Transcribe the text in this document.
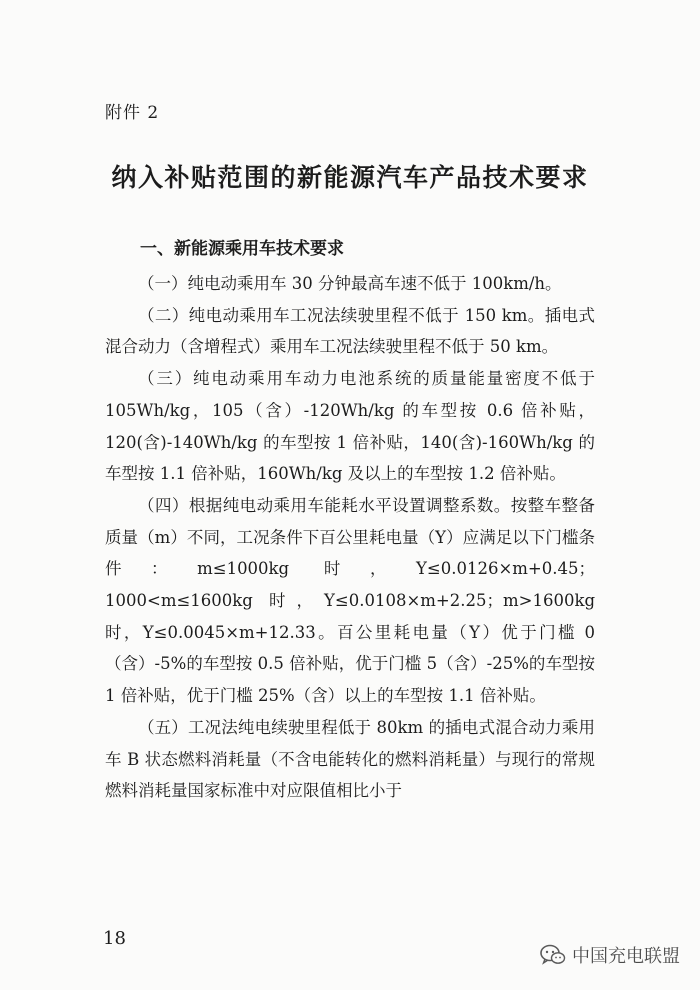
附件 2
纳入补贴范围的新能源汽车产品技术要求
一、新能源乘用车技术要求

（一）纯电动乘用车 30 分钟最高车速不低于 100km/h。

（二）纯电动乘用车工况法续驶里程不低于 150 km。插电式混合动力（含增程式）乘用车工况法续驶里程不低于 50 km。

（三）纯电动乘用车动力电池系统的质量能量密度不低于 105Wh/kg，105（含）-120Wh/kg 的车型按 0.6 倍补贴，120(含)-140Wh/kg 的车型按 1 倍补贴，140(含)-160Wh/kg 的车型按 1.1 倍补贴，160Wh/kg 及以上的车型按 1.2 倍补贴。

（四）根据纯电动乘用车能耗水平设置调整系数。按整车整备质量（m）不同，工况条件下百公里耗电量（Y）应满足以下门槛条件：m≤1000kg 时，Y≤0.0126×m+0.45；1000<m≤1600kg 时，Y≤0.0108×m+2.25；m>1600kg 时，Y≤0.0045×m+12.33。百公里耗电量（Y）优于门槛 0（含）-5%的车型按 0.5 倍补贴，优于门槛 5（含）-25%的车型按 1 倍补贴，优于门槛 25%（含）以上的车型按 1.1 倍补贴。

（五）工况法纯电续驶里程低于 80km 的插电式混合动力乘用车 B 状态燃料消耗量（不含电能转化的燃料消耗量）与现行的常规燃料消耗量国家标准中对应限值相比小于

18
中国充电联盟
